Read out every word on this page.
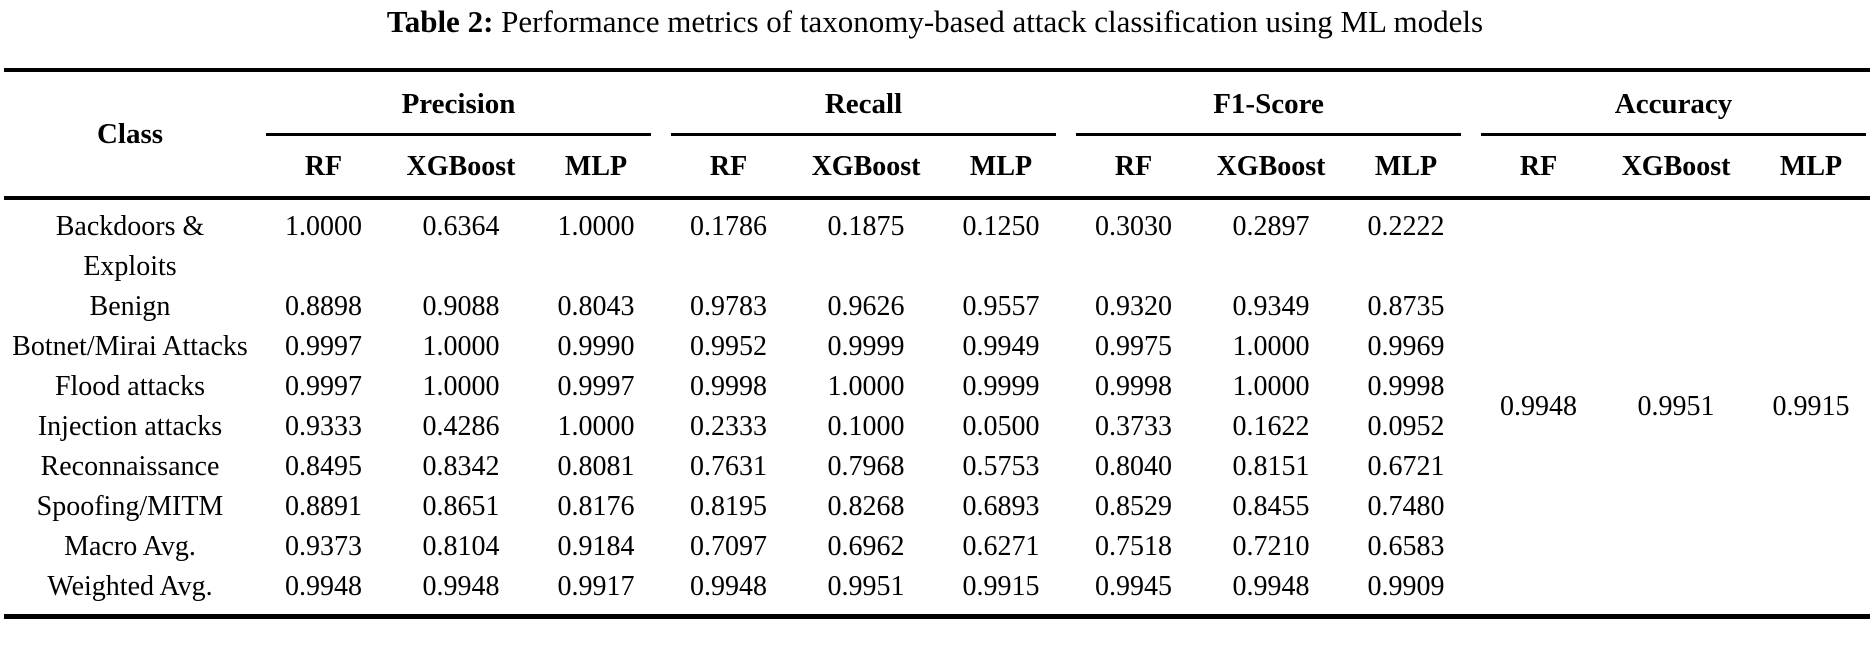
Table 2: Performance metrics of taxonomy-based attack classification using ML models
Class	Precision			Recall			F1-Score			Accuracy		

	RF	XGBoost	MLP	RF	XGBoost	MLP	RF	XGBoost	MLP	RF	XGBoost	MLP
Backdoors & Exploits	1.0000	0.6364	1.0000	0.1786	0.1875	0.1250	0.3030	0.2897	0.2222	0.9948	0.9951	0.9915
Benign	0.8898	0.9088	0.8043	0.9783	0.9626	0.9557	0.9320	0.9349	0.8735			
Botnet/Mirai Attacks	0.9997	1.0000	0.9990	0.9952	0.9999	0.9949	0.9975	1.0000	0.9969			
Flood attacks	0.9997	1.0000	0.9997	0.9998	1.0000	0.9999	0.9998	1.0000	0.9998			
Injection attacks	0.9333	0.4286	1.0000	0.2333	0.1000	0.0500	0.3733	0.1622	0.0952			
Reconnaissance	0.8495	0.8342	0.8081	0.7631	0.7968	0.5753	0.8040	0.8151	0.6721			
Spoofing/MITM	0.8891	0.8651	0.8176	0.8195	0.8268	0.6893	0.8529	0.8455	0.7480			
Macro Avg.	0.9373	0.8104	0.9184	0.7097	0.6962	0.6271	0.7518	0.7210	0.6583			
Weighted Avg.	0.9948	0.9948	0.9917	0.9948	0.9951	0.9915	0.9945	0.9948	0.9909			
